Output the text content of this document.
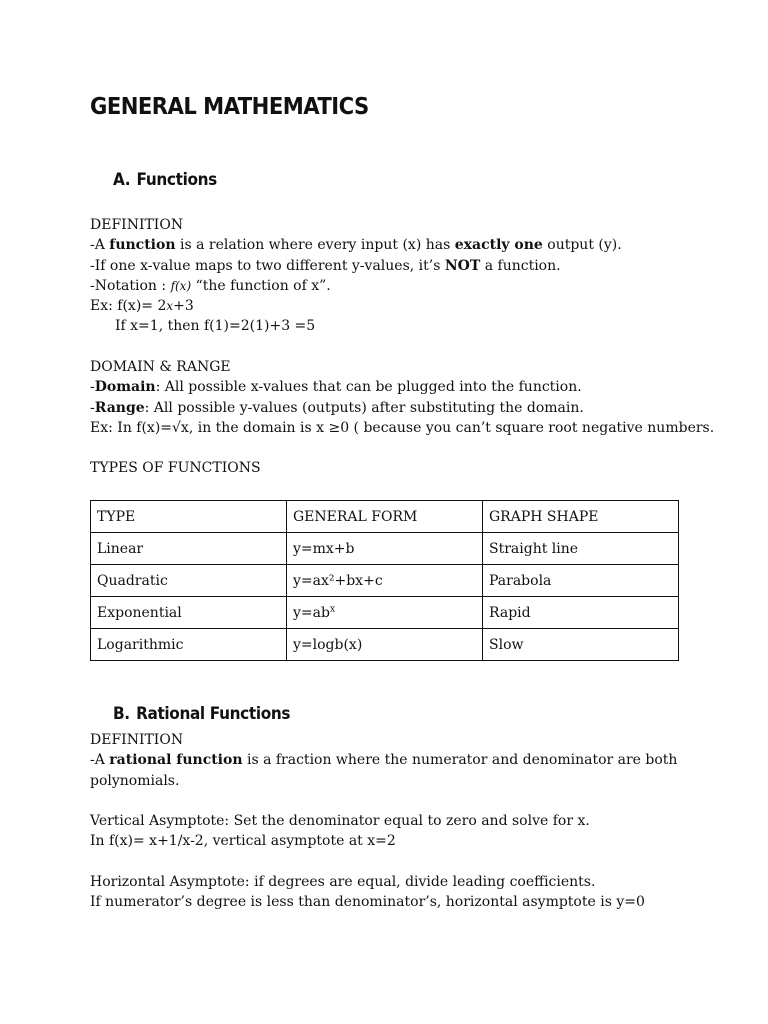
GENERAL MATHEMATICS
A. Functions

DEFINITION

-A function is a relation where every input (x) has exactly one output (y).

-If one x-value maps to two different y-values, it’s NOT a function.

-Notation : f(x) “the function of x”.

Ex: f(x)= 2x+3

If x=1, then f(1)=2(1)+3 =5

DOMAIN & RANGE

-Domain: All possible x-values that can be plugged into the function.

-Range: All possible y-values (outputs) after substituting the domain.

Ex: In f(x)=√x, in the domain is x ≥0 ( because you can’t square root negative numbers.

TYPES OF FUNCTIONS

TYPE	GENERAL FORM	GRAPH SHAPE
Linear	y=mx+b	Straight line
Quadratic	y=ax²+bx+c	Parabola
Exponential	$y=ab^x$	Rapid
Logarithmic	y=logb(x)	Slow
B. Rational Functions

DEFINITION

-A rational function is a fraction where the numerator and denominator are both polynomials.

Vertical Asymptote: Set the denominator equal to zero and solve for x.

In f(x)= x+1/x-2, vertical asymptote at x=2

Horizontal Asymptote: if degrees are equal, divide leading coefficients.

If numerator’s degree is less than denominator’s, horizontal asymptote is y=0
